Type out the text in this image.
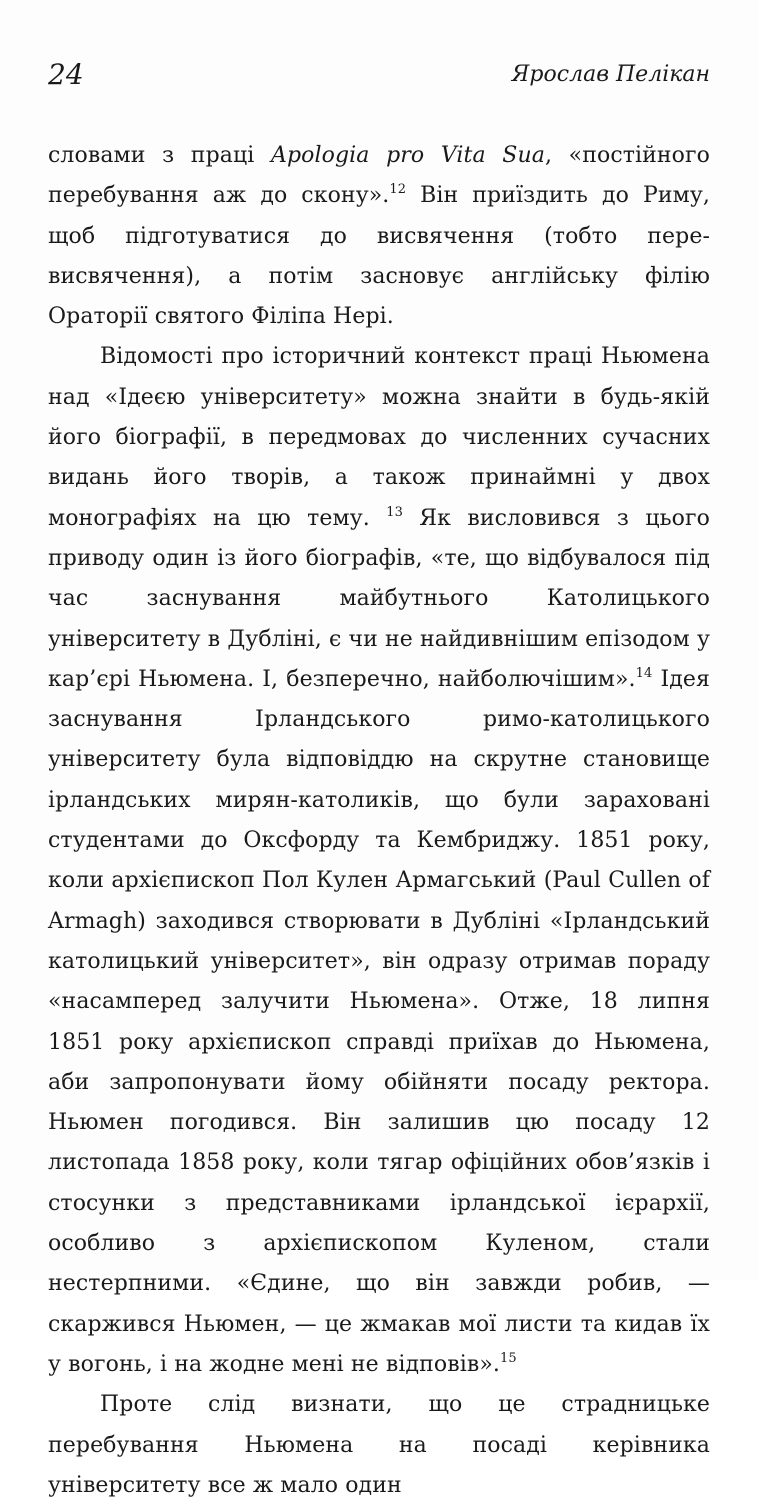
24	Ярослав Пелікан

словами з праці Apologia pro Vita Sua, «постійного перебування аж до скону».$^{12}$ Він приїздить до Риму, щоб підготуватися до висвячення (тобто пере-висвячення), а потім засновує англійську філію Ораторії святого Філіпа Нері.

Відомості про історичний контекст праці Ньюмена над «Ідеєю університету» можна знайти в будь-якій його біографії, в передмовах до численних сучасних видань його творів, а також принаймні у двох монографіях на цю тему. $^{13}$ Як висловився з цього приводу один із його біографів, «те, що відбувалося під час заснування майбутнього Католицького університету в Дубліні, є чи не найдивнішим епізодом у кар’єрі Ньюмена. І, безперечно, найболючішим».$^{14}$ Ідея заснування Ірландського римо-католицького університету була відповіддю на скрутне становище ірландських мирян-католиків, що були зараховані студентами до Оксфорду та Кембриджу. 1851 року, коли архієпископ Пол Кулен Армагський (Paul Cullen of Armagh) заходився створювати в Дубліні «Ірландський католицький університет», він одразу отримав пораду «насамперед залучити Ньюмена». Отже, 18 липня 1851 року архієпископ справді приїхав до Ньюмена, аби запропонувати йому обійняти посаду ректора. Ньюмен погодився. Він залишив цю посаду 12 листопада 1858 року, коли тягар офіційних обов’язків і стосунки з представниками ірландської ієрархії, особливо з архієпископом Куленом, стали нестерпними. «Єдине, що він завжди робив, — скаржився Ньюмен, — це жмакав мої листи та кидав їх у вогонь, і на жодне мені не відповів».$^{15}$

Проте слід визнати, що це страдницьке перебування Ньюмена на посаді керівника університету все ж мало один
